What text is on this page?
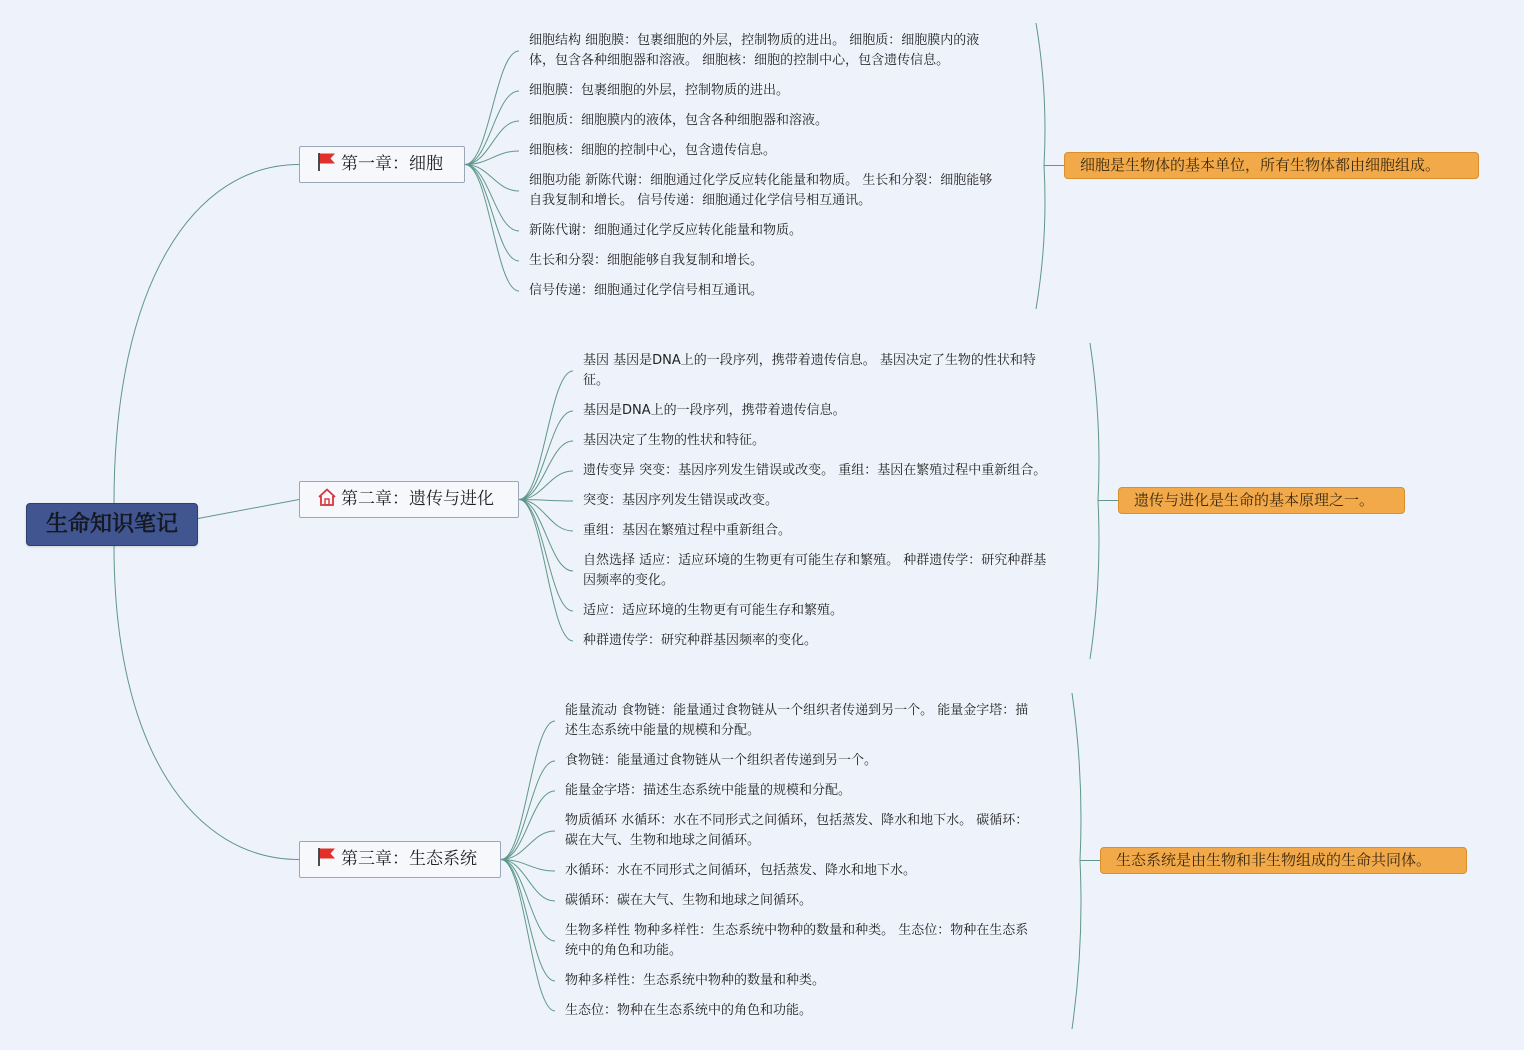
生命知识笔记
第一章：细胞
第二章：遗传与进化
第三章：生态系统
细胞结构 细胞膜：包裹细胞的外层，控制物质的进出。 细胞质：细胞膜内的液
体，包含各种细胞器和溶液。 细胞核：细胞的控制中心，包含遗传信息。
细胞膜：包裹细胞的外层，控制物质的进出。
细胞质：细胞膜内的液体，包含各种细胞器和溶液。
细胞核：细胞的控制中心，包含遗传信息。
细胞功能 新陈代谢：细胞通过化学反应转化能量和物质。 生长和分裂：细胞能够
自我复制和增长。 信号传递：细胞通过化学信号相互通讯。
新陈代谢：细胞通过化学反应转化能量和物质。
生长和分裂：细胞能够自我复制和增长。
信号传递：细胞通过化学信号相互通讯。
基因 基因是DNA上的一段序列，携带着遗传信息。 基因决定了生物的性状和特
征。
基因是DNA上的一段序列，携带着遗传信息。
基因决定了生物的性状和特征。
遗传变异 突变：基因序列发生错误或改变。 重组：基因在繁殖过程中重新组合。
突变：基因序列发生错误或改变。
重组：基因在繁殖过程中重新组合。
自然选择 适应：适应环境的生物更有可能生存和繁殖。 种群遗传学：研究种群基
因频率的变化。
适应：适应环境的生物更有可能生存和繁殖。
种群遗传学：研究种群基因频率的变化。
能量流动 食物链：能量通过食物链从一个组织者传递到另一个。 能量金字塔：描
述生态系统中能量的规模和分配。
食物链：能量通过食物链从一个组织者传递到另一个。
能量金字塔：描述生态系统中能量的规模和分配。
物质循环 水循环：水在不同形式之间循环，包括蒸发、降水和地下水。 碳循环：
碳在大气、生物和地球之间循环。
水循环：水在不同形式之间循环，包括蒸发、降水和地下水。
碳循环：碳在大气、生物和地球之间循环。
生物多样性 物种多样性：生态系统中物种的数量和种类。 生态位：物种在生态系
统中的角色和功能。
物种多样性：生态系统中物种的数量和种类。
生态位：物种在生态系统中的角色和功能。
细胞是生物体的基本单位，所有生物体都由细胞组成。
遗传与进化是生命的基本原理之一。
生态系统是由生物和非生物组成的生命共同体。
